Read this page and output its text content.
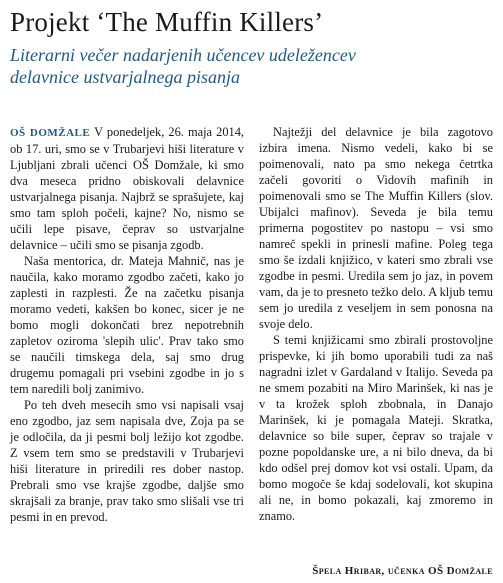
Projekt ‘The Muffin Killers’
Literarni večer nadarjenih učencev udeležencev
delavnice ustvarjalnega pisanja

OŠ DOMŽALE V ponedeljek, 26. maja 2014, ob 17. uri, smo se v Trubarjevi hiši literature v Ljubljani zbrali učenci OŠ Domžale, ki smo dva meseca pridno obiskovali delavnice ustvarjalnega pisanja. Najbrž se sprašujete, kaj smo tam sploh počeli, kajne? No, nismo se učili lepe pisave, čeprav so ustvarjalne delavnice – učili smo se pisanja zgodb.

Naša mentorica, dr. Mateja Mahnič, nas je naučila, kako moramo zgodbo začeti, kako jo zaplesti in razplesti. Že na začetku pisanja moramo vedeti, kakšen bo konec, sicer je ne bomo mogli dokončati brez nepotrebnih zapletov oziroma 'slepih ulic'. Prav tako smo se naučili timskega dela, saj smo drug drugemu pomagali pri vsebini zgodbe in jo s tem naredili bolj zanimivo.

Po teh dveh mesecih smo vsi napisali vsaj eno zgodbo, jaz sem napisala dve, Zoja pa se je odločila, da ji pesmi bolj ležijo kot zgodbe. Z vsem tem smo se predstavili v Trubarjevi hiši literature in priredili res dober nastop. Prebrali smo vse krajše zgodbe, daljše smo skrajšali za branje, prav tako smo slišali vse tri pesmi in en prevod.

Najtežji del delavnice je bila zagotovo izbira imena. Nismo vedeli, kako bi se poimenovali, nato pa smo nekega četrtka začeli govoriti o Vidovih mafinih in poimenovali smo se The Muffin Killers (slov. Ubijalci mafinov). Seveda je bila temu primerna pogostitev po nastopu – vsi smo namreč spekli in prinesli mafine. Poleg tega smo še izdali knjižico, v kateri smo zbrali vse zgodbe in pesmi. Uredila sem jo jaz, in povem vam, da je to presneto težko delo. A kljub temu sem jo uredila z veseljem in sem ponosna na svoje delo.

S temi knjižicami smo zbirali prostovoljne prispevke, ki jih bomo uporabili tudi za naš nagradni izlet v Gardaland v Italijo. Seveda pa ne smem pozabiti na Miro Marinšek, ki nas je v ta krožek sploh zbobnala, in Danajo Marinšek, ki je pomagala Mateji. Skratka, delavnice so bile super, čeprav so trajale v pozne popoldanske ure, a ni bilo dneva, da bi kdo odšel prej domov kot vsi ostali. Upam, da bomo mogoče še kdaj sodelovali, kot skupina ali ne, in bomo pokazali, kaj zmoremo in znamo.

Špela Hribar, učenka OŠ Domžale
